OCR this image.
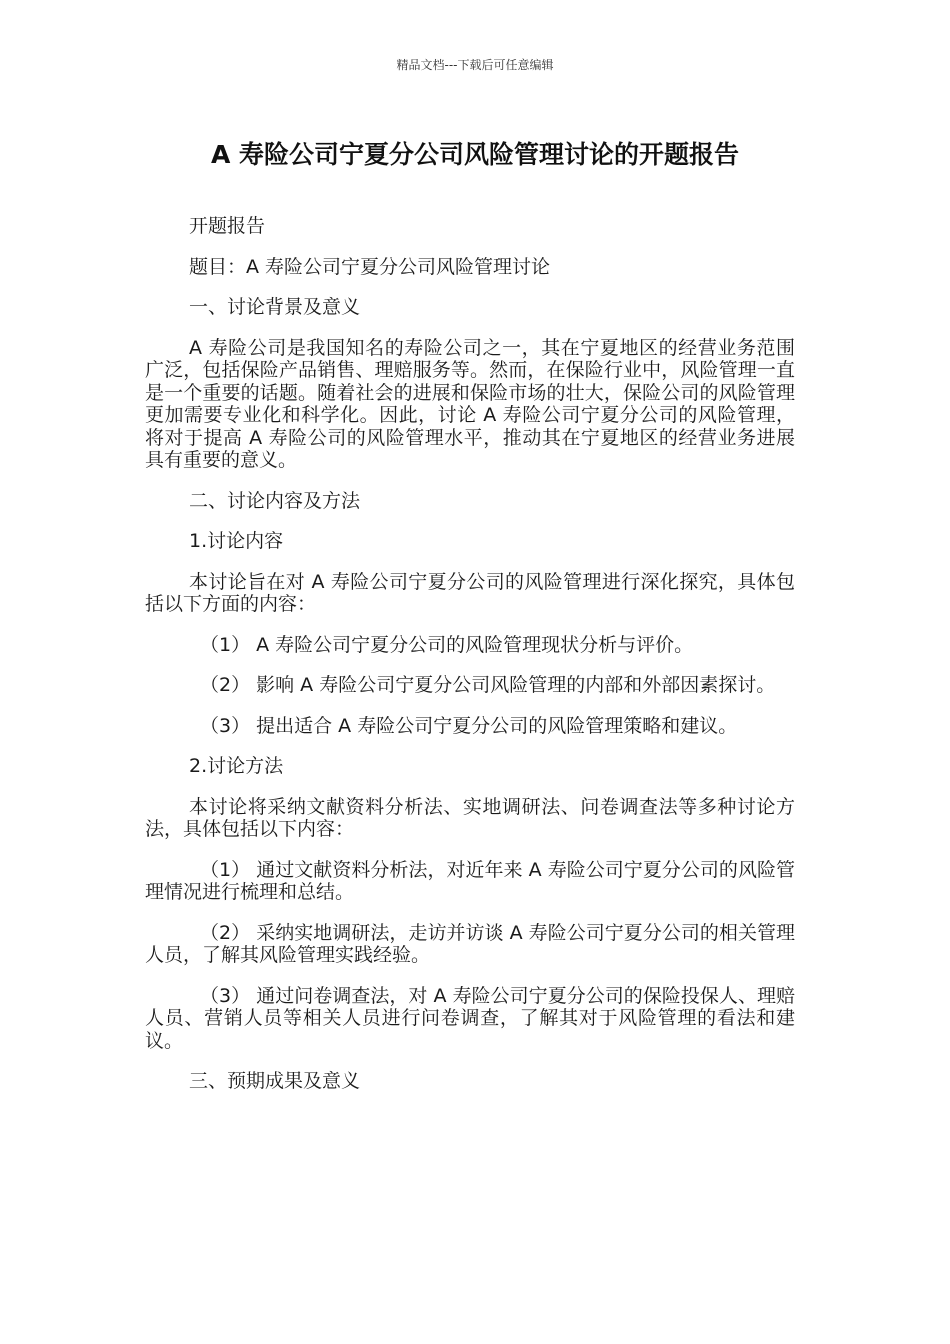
精品文档---下载后可任意编辑
A 寿险公司宁夏分公司风险管理讨论的开题报告

开题报告

题目：A 寿险公司宁夏分公司风险管理讨论

一、讨论背景及意义

A 寿险公司是我国知名的寿险公司之一，其在宁夏地区的经营业务范围广泛，包括保险产品销售、理赔服务等。然而，在保险行业中，风险管理一直是一个重要的话题。随着社会的进展和保险市场的壮大，保险公司的风险管理更加需要专业化和科学化。因此，讨论 A 寿险公司宁夏分公司的风险管理，将对于提高 A 寿险公司的风险管理水平，推动其在宁夏地区的经营业务进展具有重要的意义。

二、讨论内容及方法

1.讨论内容

本讨论旨在对 A 寿险公司宁夏分公司的风险管理进行深化探究，具体包括以下方面的内容：

（1） A 寿险公司宁夏分公司的风险管理现状分析与评价。

（2） 影响 A 寿险公司宁夏分公司风险管理的内部和外部因素探讨。

（3） 提出适合 A 寿险公司宁夏分公司的风险管理策略和建议。

2.讨论方法

本讨论将采纳文献资料分析法、实地调研法、问卷调查法等多种讨论方法，具体包括以下内容：

（1） 通过文献资料分析法，对近年来 A 寿险公司宁夏分公司的风险管理情况进行梳理和总结。

（2） 采纳实地调研法，走访并访谈 A 寿险公司宁夏分公司的相关管理人员，了解其风险管理实践经验。

（3） 通过问卷调查法，对 A 寿险公司宁夏分公司的保险投保人、理赔人员、营销人员等相关人员进行问卷调查，了解其对于风险管理的看法和建议。

三、预期成果及意义
